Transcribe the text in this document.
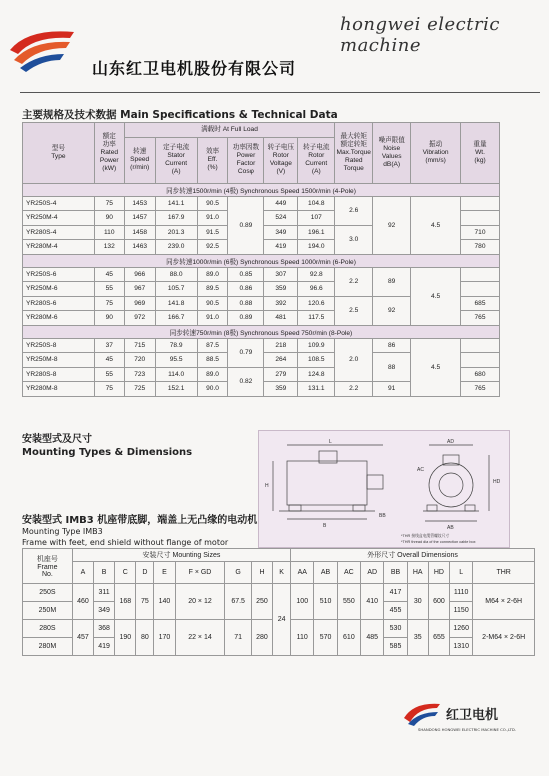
山东红卫电机股份有限公司
hongwei electric machine
主要规格及技术数据 Main Specifications & Technical Data
型号
Type	额定
功率
Rated
Power
(kW)	满载时 At Full Load						最大转矩
额定转矩
Max.Torque
Rated
Torque	噪声限值
Noise
Values
dB(A)	振动
Vibration
(mm/s)	重量
Wt.
(kg)
		转速
Speed
(r/min)	定子电流
Stator
Current
(A)	效率
Eff.
(%)	功率因数
Power
Factor
Cosφ	转子电压
Rotor
Voltage
(V)	转子电流
Rotor
Current
(A)				
同步转速1500r/min (4极) Synchronous Speed 1500r/min (4-Pole)											
YR250S-4	75	1453	141.1	90.5	0.89	449	104.8	2.6	92	4.5	
YR250M-4	90	1457	167.9	91.0		524	107				
YR280S-4	110	1458	201.3	91.5		349	196.1	3.0			710
YR280M-4	132	1463	239.0	92.5		419	194.0				780
同步转速1000r/min (6极) Synchronous Speed 1000r/min (6-Pole)											
YR250S-6	45	966	88.0	89.0	0.85	307	92.8	2.2	89	4.5	
YR250M-6	55	967	105.7	89.5	0.86	359	96.6				
YR280S-6	75	969	141.8	90.5	0.88	392	120.6	2.5	92		685
YR280M-6	90	972	166.7	91.0	0.89	481	117.5				765
同步转速750r/min (8极) Synchronous Speed 750r/min (8-Pole)											
YR250S-8	37	715	78.9	87.5	0.79	218	109.9	2.0	86	4.5	
YR250M-8	45	720	95.5	88.5		264	108.5		88		
YR280S-8	55	723	114.0	89.0	0.82	279	124.8				680
YR280M-8	75	725	152.1	90.0		359	131.1	2.2	91		765
安装型式及尺寸
Mounting Types & Dimensions
L
B
H
AD
AC
AB
HD
BB
*THR 接线盒电缆管螺纹尺寸
*THR thread dia of the connection cable box
安装型式 IMB3 机座带底脚，端盖上无凸缘的电动机
Mounting Type IMB3
Frame with feet, end shield without flange of motor
机座号
Frame
No.	安装尺寸 Mounting Sizes									外形尺寸 Overall Dimensions								
	A	B	C	D	E	F × GD	G	H	K	AA	AB	AC	AD	BB	HA	HD	L	THR
250S	460	311	168	75	140	20 × 12	67.5	250	24	100	510	550	410	417	30	600	1110	M64 × 2-6H
250M		349												455			1150	
280S	457	368	190	80	170	22 × 14	71	280		110	570	610	485	530	35	655	1260	2-M64 × 2-6H
280M		419												585			1310	
红卫电机
SHANDONG HONGWEI ELECTRIC MACHINE CO.,LTD.
